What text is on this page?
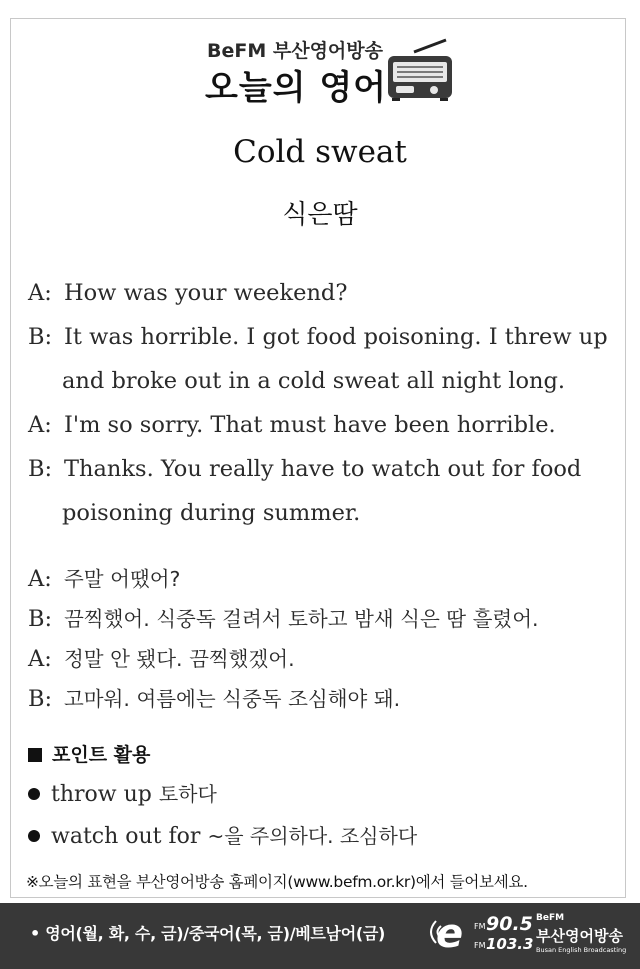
BeFM 부산영어방송
오늘의 영어
Cold sweat
식은땀
A: How was your weekend?
B: It was horrible. I got food poisoning. I threw up
and broke out in a cold sweat all night long.
A: I'm so sorry. That must have been horrible.
B: Thanks. You really have to watch out for food
poisoning during summer.
A: 주말 어땠어?
B: 끔찍했어. 식중독 걸려서 토하고 밤새 식은 땀 흘렸어.
A: 정말 안 됐다. 끔찍했겠어.
B: 고마워. 여름에는 식중독 조심해야 돼.
포인트 활용
throw up 토하다
watch out for ~을 주의하다. 조심하다
※오늘의 표현을 부산영어방송 홈페이지(www.befm.or.kr)에서 들어보세요.
• 영어(월, 화, 수, 금)/중국어(목, 금)/베트남어(금) e FM 90.5
FM 103.3
BeFM
부산영어방송
Busan English Broadcasting
